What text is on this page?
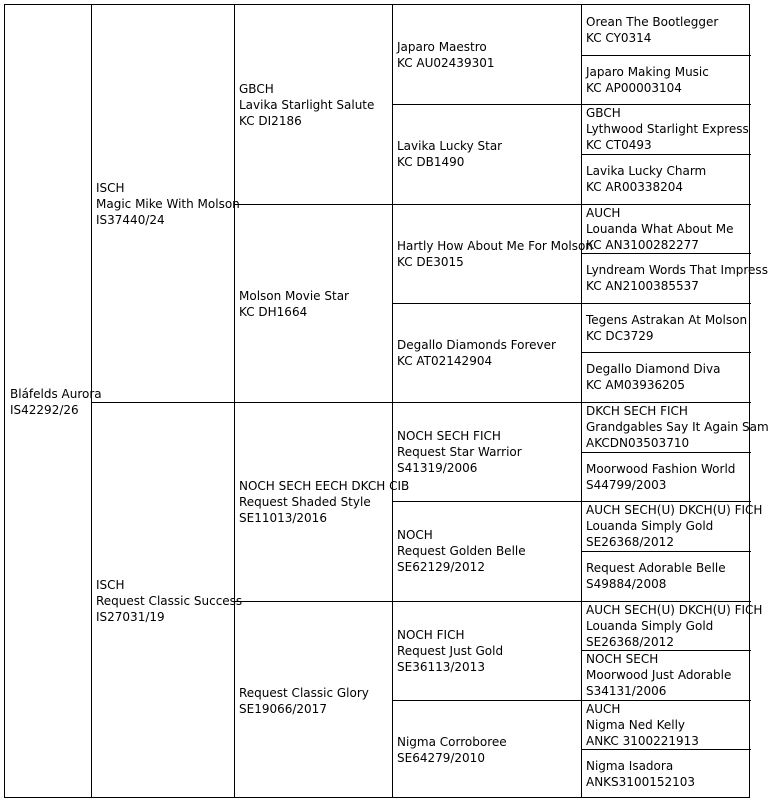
Bláfelds Aurora
IS42292/26
ISCH
Magic Mike With Molson
IS37440/24
ISCH
Request Classic Success
IS27031/19
GBCH
Lavika Starlight Salute
KC DI2186
Molson Movie Star
KC DH1664
NOCH SECH EECH DKCH CIB
Request Shaded Style
SE11013/2016
Request Classic Glory
SE19066/2017
Japaro Maestro
KC AU02439301
Lavika Lucky Star
KC DB1490
Hartly How About Me For Molson
KC DE3015
Degallo Diamonds Forever
KC AT02142904
NOCH SECH FICH
Request Star Warrior
S41319/2006
NOCH
Request Golden Belle
SE62129/2012
NOCH FICH
Request Just Gold
SE36113/2013
Nigma Corroboree
SE64279/2010
Orean The Bootlegger
KC CY0314
Japaro Making Music
KC AP00003104
GBCH
Lythwood Starlight Express
KC CT0493
Lavika Lucky Charm
KC AR00338204
AUCH
Louanda What About Me
KC AN3100282277
Lyndream Words That Impress
KC AN2100385537
Tegens Astrakan At Molson
KC DC3729
Degallo Diamond Diva
KC AM03936205
DKCH SECH FICH
Grandgables Say It Again Sam
AKCDN03503710
Moorwood Fashion World
S44799/2003
AUCH SECH(U) DKCH(U) FICH
Louanda Simply Gold
SE26368/2012
Request Adorable Belle
S49884/2008
AUCH SECH(U) DKCH(U) FICH
Louanda Simply Gold
SE26368/2012
NOCH SECH
Moorwood Just Adorable
S34131/2006
AUCH
Nigma Ned Kelly
ANKC 3100221913
Nigma Isadora
ANKS3100152103
